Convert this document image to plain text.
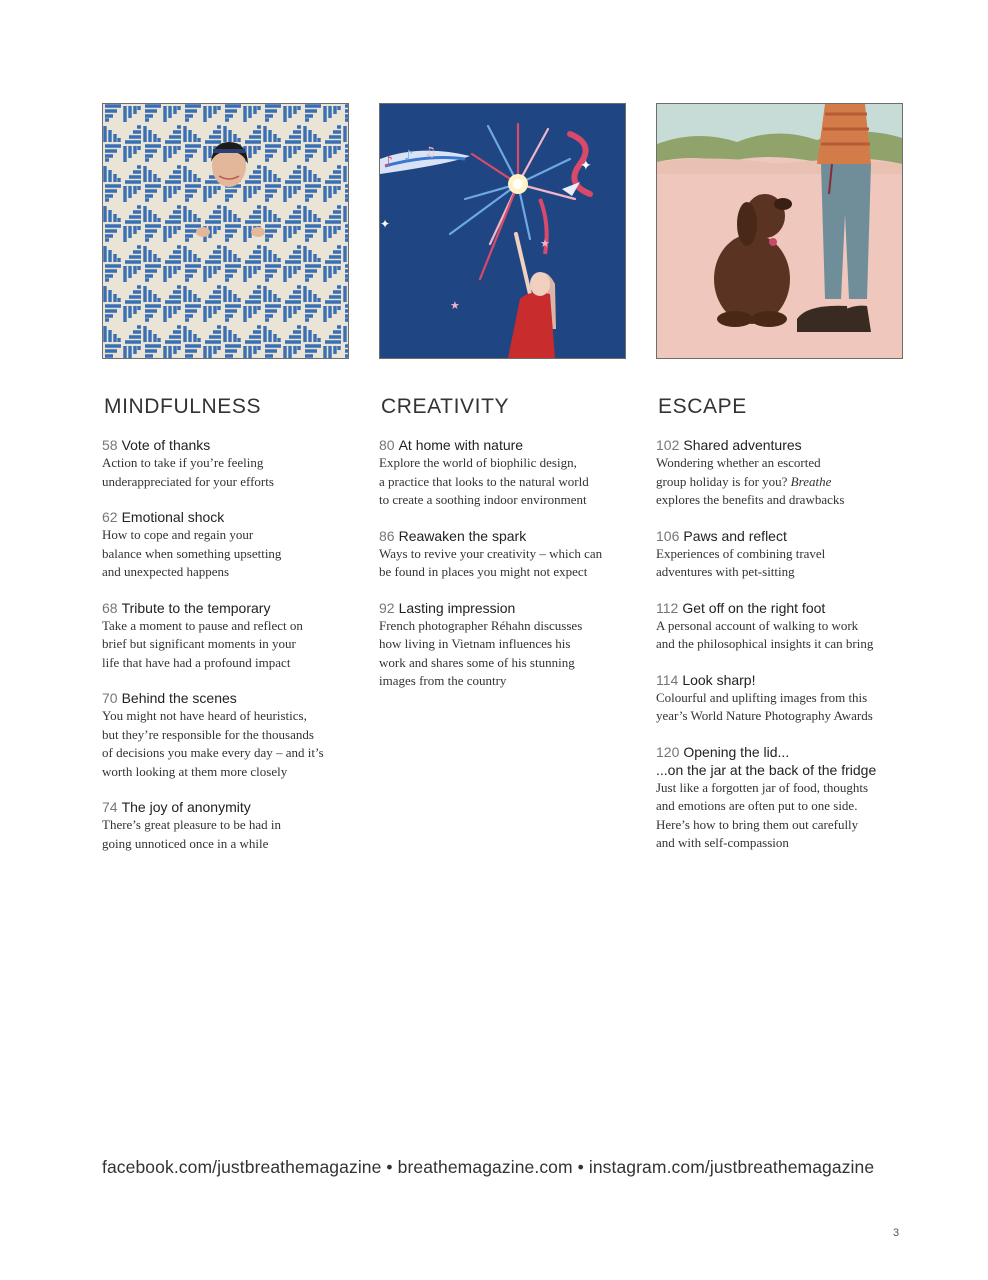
MINDFULNESS
58 Vote of thanks
Action to take if you’re feeling
underappreciated for your efforts
62 Emotional shock
How to cope and regain your
balance when something upsetting
and unexpected happens
68 Tribute to the temporary
Take a moment to pause and reflect on
brief but significant moments in your
life that have had a profound impact
70 Behind the scenes
You might not have heard of heuristics,
but they’re responsible for the thousands
of decisions you make every day – and it’s
worth looking at them more closely
74 The joy of anonymity
There’s great pleasure to be had in
going unnoticed once in a while
♪ ♪ ♫
✦
✦
★
★
CREATIVITY
80 At home with nature
Explore the world of biophilic design,
a practice that looks to the natural world
to create a soothing indoor environment
86 Reawaken the spark
Ways to revive your creativity – which can
be found in places you might not expect
92 Lasting impression
French photographer Réhahn discusses
how living in Vietnam influences his
work and shares some of his stunning
images from the country
ESCAPE
102 Shared adventures
Wondering whether an escorted
group holiday is for you? Breathe
explores the benefits and drawbacks
106 Paws and reflect
Experiences of combining travel
adventures with pet-sitting
112 Get off on the right foot
A personal account of walking to work
and the philosophical insights it can bring
114 Look sharp!
Colourful and uplifting images from this
year’s World Nature Photography Awards
120 Opening the lid...
...on the jar at the back of the fridge
Just like a forgotten jar of food, thoughts
and emotions are often put to one side.
Here’s how to bring them out carefully
and with self-compassion
facebook.com/justbreathemagazine • breathemagazine.com • instagram.com/justbreathemagazine
3
